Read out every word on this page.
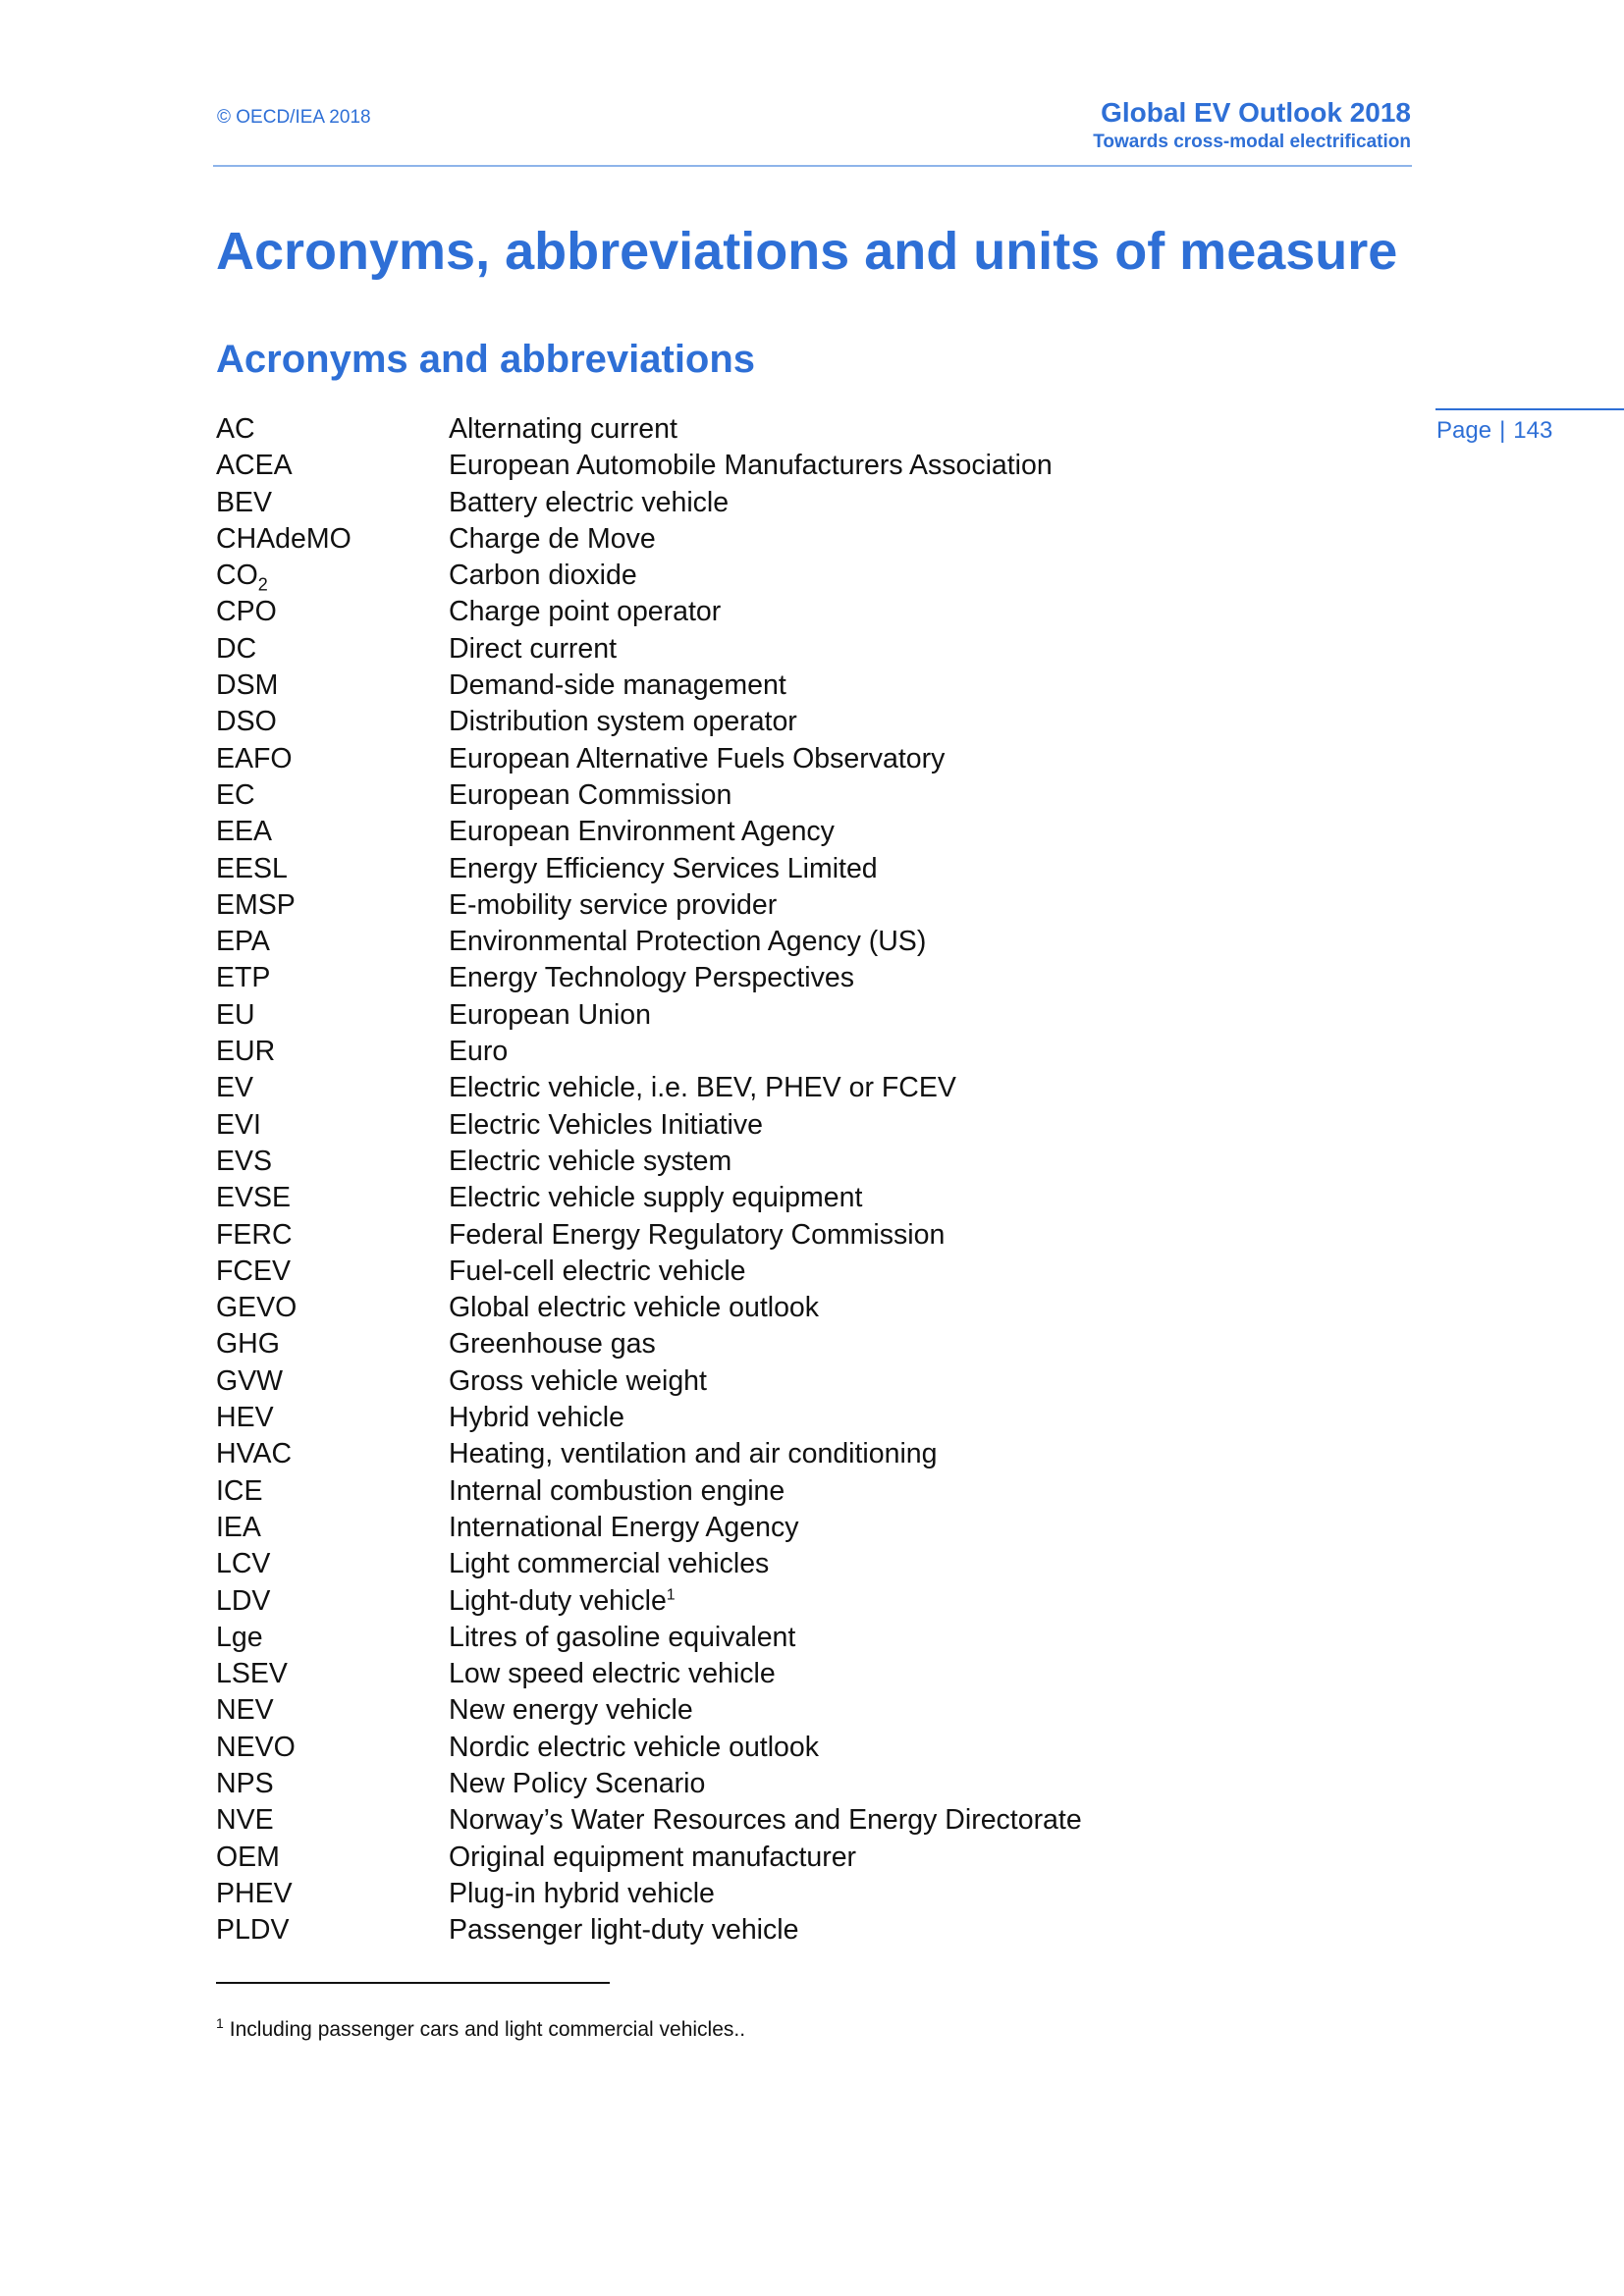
© OECD/IEA 2018	Global EV Outlook 2018
Towards cross-modal electrification
Acronyms, abbreviations and units of measure
Acronyms and abbreviations
Page | 143
AC	Alternating current
ACEA	European Automobile Manufacturers Association
BEV	Battery electric vehicle
CHAdeMO	Charge de Move
$CO_2$	Carbon dioxide
CPO	Charge point operator
DC	Direct current
DSM	Demand-side management
DSO	Distribution system operator
EAFO	European Alternative Fuels Observatory
EC	European Commission
EEA	European Environment Agency
EESL	Energy Efficiency Services Limited
EMSP	E-mobility service provider
EPA	Environmental Protection Agency (US)
ETP	Energy Technology Perspectives
EU	European Union
EUR	Euro
EV	Electric vehicle, i.e. BEV, PHEV or FCEV
EVI	Electric Vehicles Initiative
EVS	Electric vehicle system
EVSE	Electric vehicle supply equipment
FERC	Federal Energy Regulatory Commission
FCEV	Fuel-cell electric vehicle
GEVO	Global electric vehicle outlook
GHG	Greenhouse gas
GVW	Gross vehicle weight
HEV	Hybrid vehicle
HVAC	Heating, ventilation and air conditioning
ICE	Internal combustion engine
IEA	International Energy Agency
LCV	Light commercial vehicles
LDV	Light-duty vehicle$^1$
Lge	Litres of gasoline equivalent
LSEV	Low speed electric vehicle
NEV	New energy vehicle
NEVO	Nordic electric vehicle outlook
NPS	New Policy Scenario
NVE	Norway’s Water Resources and Energy Directorate
OEM	Original equipment manufacturer
PHEV	Plug-in hybrid vehicle
PLDV	Passenger light-duty vehicle
$^1$ Including passenger cars and light commercial vehicles..
